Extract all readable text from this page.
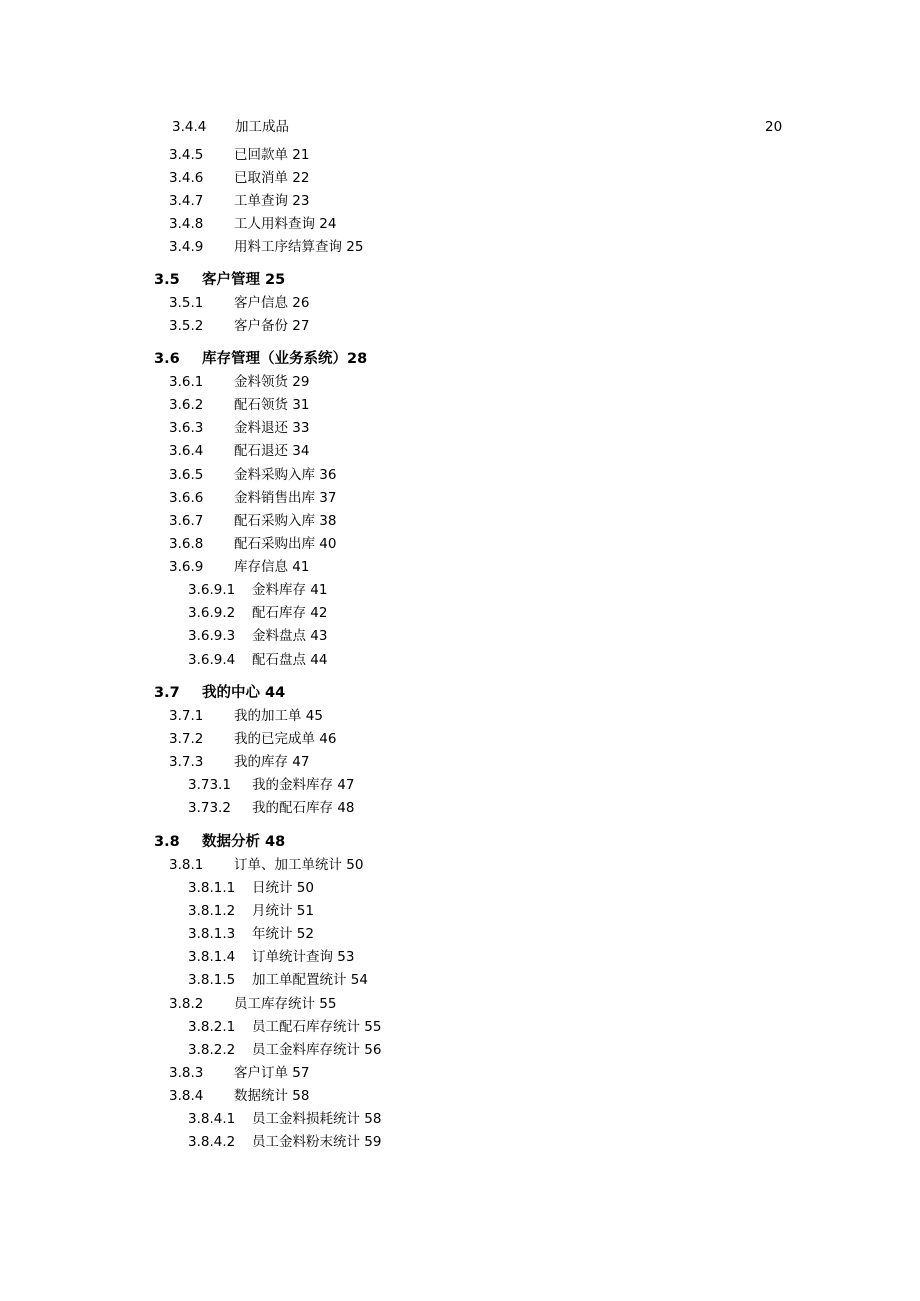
3.4.4 加工成品	20
3.4.5 已回款单 21
3.4.6 已取消单 22
3.4.7 工单查询 23
3.4.8 工人用料查询 24
3.4.9 用料工序结算查询 25
3.5 客户管理 25
3.5.1 客户信息 26
3.5.2 客户备份 27
3.6 库存管理（业务系统）28
3.6.1 金料领货 29
3.6.2 配石领货 31
3.6.3 金料退还 33
3.6.4 配石退还 34
3.6.5 金料采购入库 36
3.6.6 金料销售出库 37
3.6.7 配石采购入库 38
3.6.8 配石采购出库 40
3.6.9 库存信息 41
3.6.9.1 金料库存 41
3.6.9.2 配石库存 42
3.6.9.3 金料盘点 43
3.6.9.4 配石盘点 44
3.7 我的中心 44
3.7.1 我的加工单 45
3.7.2 我的已完成单 46
3.7.3 我的库存 47
3.73.1 我的金料库存 47
3.73.2 我的配石库存 48
3.8 数据分析 48
3.8.1 订单、加工单统计 50
3.8.1.1 日统计 50
3.8.1.2 月统计 51
3.8.1.3 年统计 52
3.8.1.4 订单统计查询 53
3.8.1.5 加工单配置统计 54
3.8.2 员工库存统计 55
3.8.2.1 员工配石库存统计 55
3.8.2.2 员工金料库存统计 56
3.8.3 客户订单 57
3.8.4 数据统计 58
3.8.4.1 员工金料损耗统计 58
3.8.4.2 员工金料粉末统计 59
